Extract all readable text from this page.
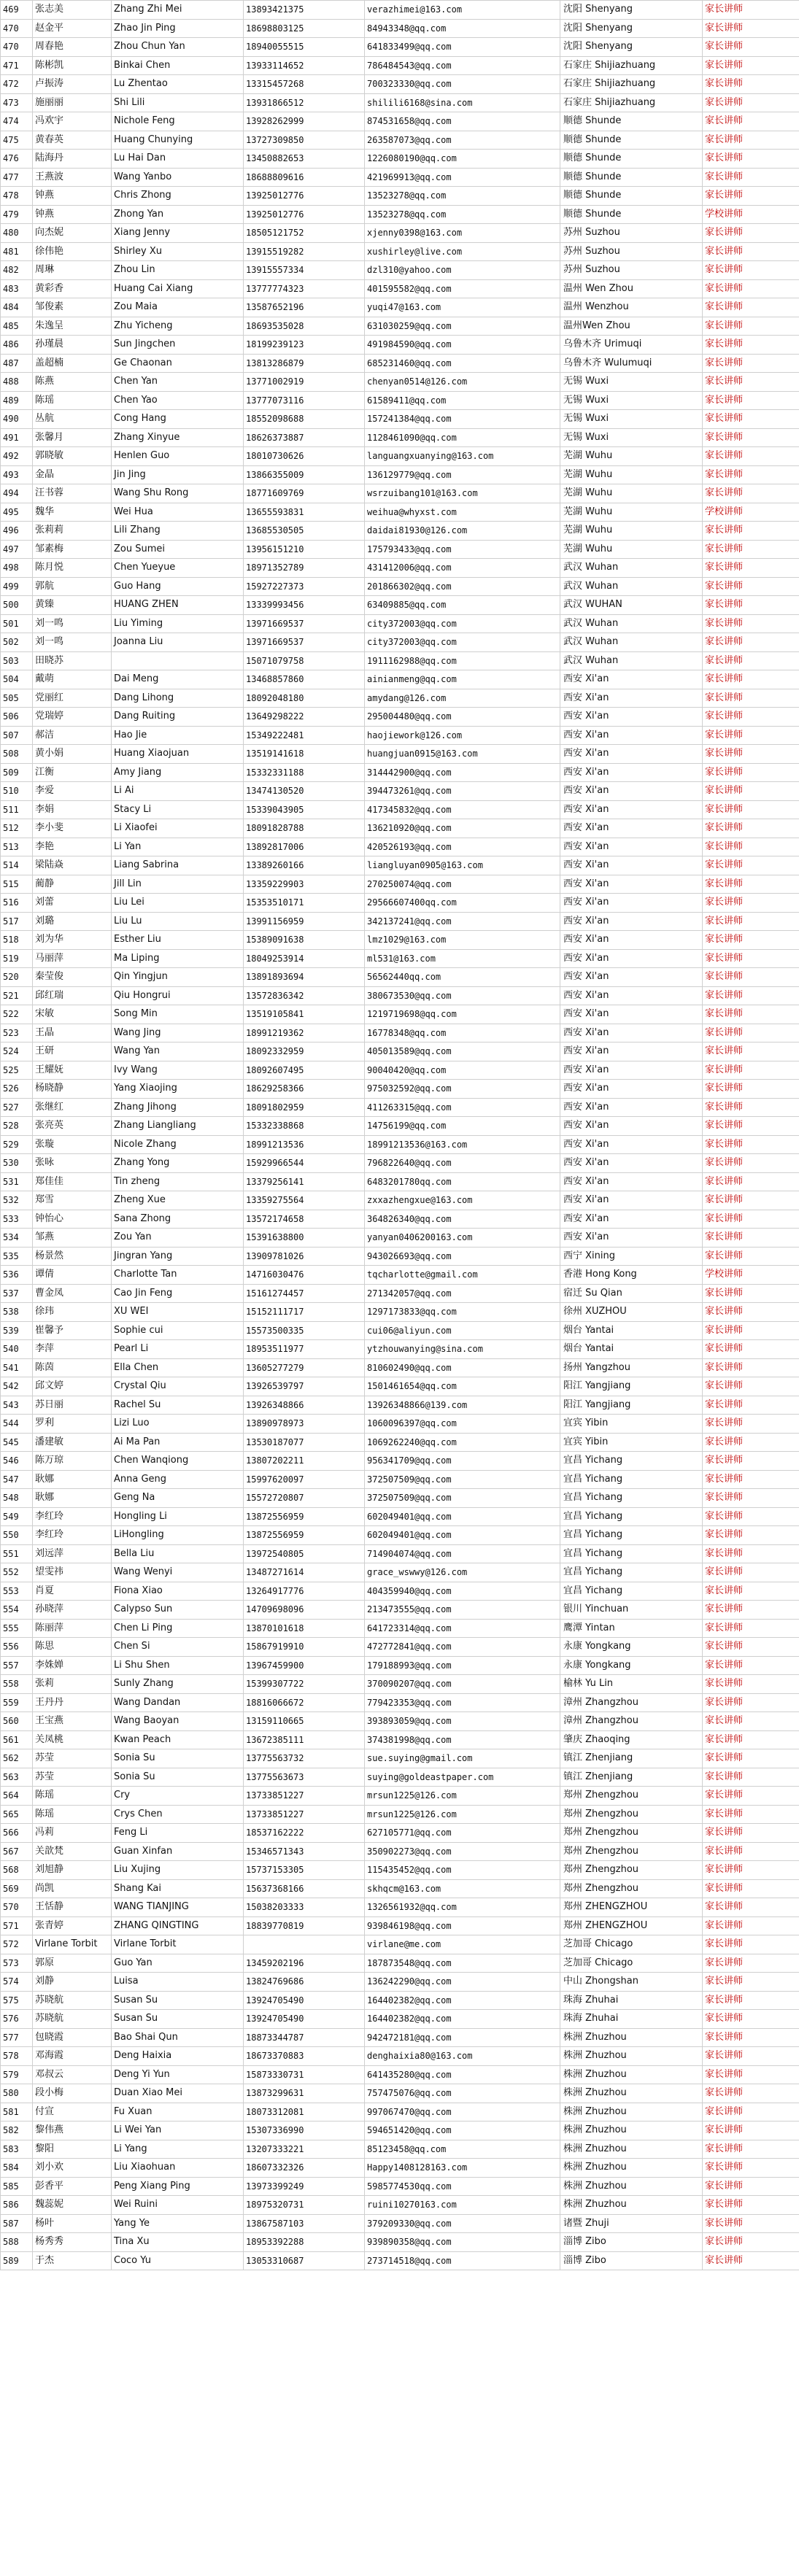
469	张志美	Zhang Zhi Mei	13893421375	verazhimei@163.com	沈阳 Shenyang	家长讲师
470	赵金平	Zhao Jin Ping	18698803125	84943348@qq.com	沈阳 Shenyang	家长讲师
470	周春艳	Zhou Chun Yan	18940055515	641833499@qq.com	沈阳 Shenyang	家长讲师
471	陈彬凯	Binkai Chen	13933114652	786484543@qq.com	石家庄 Shijiazhuang	家长讲师
472	卢振涛	Lu Zhentao	13315457268	700323330@qq.com	石家庄 Shijiazhuang	家长讲师
473	施丽丽	Shi Lili	13931866512	shilili6168@sina.com	石家庄 Shijiazhuang	家长讲师
474	冯欢宇	Nichole Feng	13928262999	874531658@qq.com	顺德 Shunde	家长讲师
475	黄春英	Huang Chunying	13727309850	263587073@qq.com	顺德 Shunde	家长讲师
476	陆海丹	Lu Hai Dan	13450882653	1226080190@qq.com	顺德 Shunde	家长讲师
477	王燕波	Wang Yanbo	18688809616	421969913@qq.com	顺德 Shunde	家长讲师
478	钟燕	Chris Zhong	13925012776	13523278@qq.com	顺德 Shunde	家长讲师
479	钟燕	Zhong Yan	13925012776	13523278@qq.com	顺德 Shunde	学校讲师
480	向杰妮	Xiang Jenny	18505121752	xjenny0398@163.com	苏州 Suzhou	家长讲师
481	徐伟艳	Shirley Xu	13915519282	xushirley@live.com	苏州 Suzhou	家长讲师
482	周琳	Zhou Lin	13915557334	dzl310@yahoo.com	苏州 Suzhou	家长讲师
483	黄彩香	Huang Cai Xiang	13777774323	401595582@qq.com	温州 Wen Zhou	家长讲师
484	邹俊素	Zou Maia	13587652196	yuqi47@163.com	温州 Wenzhou	家长讲师
485	朱逸呈	Zhu Yicheng	18693535028	631030259@qq.com	温州Wen Zhou	家长讲师
486	孙瑾晨	Sun Jingchen	18199239123	491984590@qq.com	乌鲁木齐 Urimuqi	家长讲师
487	盖超楠	Ge Chaonan	13813286879	685231460@qq.com	乌鲁木齐 Wulumuqi	家长讲师
488	陈燕	Chen Yan	13771002919	chenyan0514@126.com	无锡 Wuxi	家长讲师
489	陈瑶	Chen Yao	13777073116	61589411@qq.com	无锡 Wuxi	家长讲师
490	丛航	Cong Hang	18552098688	157241384@qq.com	无锡 Wuxi	家长讲师
491	张馨月	Zhang Xinyue	18626373887	1128461090@qq.com	无锡 Wuxi	家长讲师
492	郭晓敏	Henlen Guo	18010730626	languangxuanying@163.com	芜湖 Wuhu	家长讲师
493	金晶	Jin Jing	13866355009	136129779@qq.com	芜湖 Wuhu	家长讲师
494	汪书蓉	Wang Shu Rong	18771609769	wsrzuibang101@163.com	芜湖 Wuhu	家长讲师
495	魏华	Wei Hua	13655593831	weihua@whyxst.com	芜湖 Wuhu	学校讲师
496	张莉莉	Lili Zhang	13685530505	daidai81930@126.com	芜湖 Wuhu	家长讲师
497	邹素梅	Zou Sumei	13956151210	175793433@qq.com	芜湖 Wuhu	家长讲师
498	陈月悦	Chen Yueyue	18971352789	431412006@qq.com	武汉 Wuhan	家长讲师
499	郭航	Guo Hang	15927227373	201866302@qq.com	武汉 Wuhan	家长讲师
500	黄臻	HUANG ZHEN	13339993456	63409885@qq.com	武汉 WUHAN	家长讲师
501	刘一鸣	Liu Yiming	13971669537	city372003@qq.com	武汉 Wuhan	家长讲师
502	刘一鸣	Joanna Liu	13971669537	city372003@qq.com	武汉 Wuhan	家长讲师
503	田晓苏		15071079758	1911162988@qq.com	武汉 Wuhan	家长讲师
504	戴萌	Dai Meng	13468857860	ainianmeng@qq.com	西安 Xi'an	家长讲师
505	党丽红	Dang Lihong	18092048180	amydang@126.com	西安 Xi'an	家长讲师
506	党瑞婷	Dang Ruiting	13649298222	295004480@qq.com	西安 Xi'an	家长讲师
507	郝洁	Hao Jie	15349222481	haojiework@126.com	西安 Xi'an	家长讲师
508	黄小娟	Huang Xiaojuan	13519141618	huangjuan0915@163.com	西安 Xi'an	家长讲师
509	江衡	Amy Jiang	15332331188	314442900@qq.com	西安 Xi'an	家长讲师
510	李爱	Li Ai	13474130520	394473261@qq.com	西安 Xi'an	家长讲师
511	李娟	Stacy Li	15339043905	417345832@qq.com	西安 Xi'an	家长讲师
512	李小斐	Li Xiaofei	18091828788	136210920@qq.com	西安 Xi'an	家长讲师
513	李艳	Li Yan	13892817006	420526193@qq.com	西安 Xi'an	家长讲师
514	梁陆焱	Liang Sabrina	13389260166	liangluyan0905@163.com	西安 Xi'an	家长讲师
515	蔺静	Jill Lin	13359229903	270250074@qq.com	西安 Xi'an	家长讲师
516	刘蕾	Liu Lei	15353510171	29566607400qq.com	西安 Xi'an	家长讲师
517	刘璐	Liu Lu	13991156959	342137241@qq.com	西安 Xi'an	家长讲师
518	刘为华	Esther Liu	15389091638	lmz1029@163.com	西安 Xi'an	家长讲师
519	马丽萍	Ma Liping	18049253914	ml531@163.com	西安 Xi'an	家长讲师
520	秦莹俊	Qin Yingjun	13891893694	56562440qq.com	西安 Xi'an	家长讲师
521	邱红瑞	Qiu Hongrui	13572836342	380673530@qq.com	西安 Xi'an	家长讲师
522	宋敏	Song Min	13519105841	1219719698@qq.com	西安 Xi'an	家长讲师
523	王晶	Wang Jing	18991219362	16778348@qq.com	西安 Xi'an	家长讲师
524	王研	Wang Yan	18092332959	405013589@qq.com	西安 Xi'an	家长讲师
525	王耀妩	Ivy Wang	18092607495	90040420@qq.com	西安 Xi'an	家长讲师
526	杨晓静	Yang Xiaojing	18629258366	975032592@qq.com	西安 Xi'an	家长讲师
527	张继红	Zhang Jihong	18091802959	411263315@qq.com	西安 Xi'an	家长讲师
528	张亮英	Zhang Liangliang	15332338868	14756199@qq.com	西安 Xi'an	家长讲师
529	张璇	Nicole Zhang	18991213536	18991213536@163.com	西安 Xi'an	家长讲师
530	张咏	Zhang Yong	15929966544	796822640@qq.com	西安 Xi'an	家长讲师
531	郑佳佳	Tin zheng	13379256141	6483201780qq.com	西安 Xi'an	家长讲师
532	郑雪	Zheng Xue	13359275564	zxxazhengxue@163.com	西安 Xi'an	家长讲师
533	钟怡心	Sana Zhong	13572174658	364826340@qq.com	西安 Xi'an	家长讲师
534	邹燕	Zou Yan	15391638800	yanyan0406200163.com	西安 Xi'an	家长讲师
535	杨景然	Jingran Yang	13909781026	943026693@qq.com	西宁 Xining	家长讲师
536	谭倩	Charlotte Tan	14716030476	tqcharlotte@gmail.com	香港 Hong Kong	学校讲师
537	曹金凤	Cao Jin Feng	15161274457	271342057@qq.com	宿迁 Su Qian	家长讲师
538	徐玮	XU WEI	15152111717	1297173833@qq.com	徐州 XUZHOU	家长讲师
539	崔馨予	Sophie cui	15573500335	cui06@aliyun.com	烟台 Yantai	家长讲师
540	李萍	Pearl Li	18953511977	ytzhouwanying@sina.com	烟台 Yantai	家长讲师
541	陈茵	Ella Chen	13605277279	810602490@qq.com	扬州 Yangzhou	家长讲师
542	邱文婷	Crystal Qiu	13926539797	1501461654@qq.com	阳江 Yangjiang	家长讲师
543	苏日丽	Rachel Su	13926348866	13926348866@139.com	阳江 Yangjiang	家长讲师
544	罗利	Lizi Luo	13890978973	1060096397@qq.com	宜宾 Yibin	家长讲师
545	潘建敏	Ai Ma Pan	13530187077	1069262240@qq.com	宜宾 Yibin	家长讲师
546	陈万琼	Chen Wanqiong	13807202211	956341709@qq.com	宜昌 Yichang	家长讲师
547	耿娜	Anna Geng	15997620097	372507509@qq.com	宜昌 Yichang	家长讲师
548	耿娜	Geng Na	15572720807	372507509@qq.com	宜昌 Yichang	家长讲师
549	李红玲	Hongling Li	13872556959	602049401@qq.com	宜昌 Yichang	家长讲师
550	李红玲	LiHongling	13872556959	602049401@qq.com	宜昌 Yichang	家长讲师
551	刘远萍	Bella Liu	13972540805	714904074@qq.com	宜昌 Yichang	家长讲师
552	望雯祎	Wang Wenyi	13487271614	grace_wswwy@126.com	宜昌 Yichang	家长讲师
553	肖夏	Fiona Xiao	13264917776	404359940@qq.com	宜昌 Yichang	家长讲师
554	孙晓萍	Calypso Sun	14709698096	213473555@qq.com	银川 Yinchuan	家长讲师
555	陈丽萍	Chen Li Ping	13870101618	641723314@qq.com	鹰潭 Yintan	家长讲师
556	陈思	Chen Si	15867919910	472772841@qq.com	永康 Yongkang	家长讲师
557	李姝婵	Li Shu Shen	13967459900	179188993@qq.com	永康 Yongkang	家长讲师
558	张莉	Sunly Zhang	15399307722	370090207@qq.com	榆林 Yu Lin	家长讲师
559	王丹丹	Wang Dandan	18816066672	779423353@qq.com	漳州 Zhangzhou	家长讲师
560	王宝燕	Wang Baoyan	13159110665	393893059@qq.com	漳州 Zhangzhou	家长讲师
561	关凤桃	Kwan Peach	13672385111	374381998@qq.com	肇庆 Zhaoqing	家长讲师
562	苏莹	Sonia Su	13775563732	sue.suying@gmail.com	镇江 Zhenjiang	家长讲师
563	苏莹	Sonia Su	13775563673	suying@goldeastpaper.com	镇江 Zhenjiang	家长讲师
564	陈瑶	Cry	13733851227	mrsun1225@126.com	郑州 Zhengzhou	家长讲师
565	陈瑶	Crys Chen	13733851227	mrsun1225@126.com	郑州 Zhengzhou	家长讲师
566	冯莉	Feng Li	18537162222	627105771@qq.com	郑州 Zhengzhou	家长讲师
567	关歆梵	Guan Xinfan	15346571343	350902273@qq.com	郑州 Zhengzhou	家长讲师
568	刘旭静	Liu Xujing	15737153305	115435452@qq.com	郑州 Zhengzhou	家长讲师
569	尚凯	Shang Kai	15637368166	skhqcm@163.com	郑州 Zhengzhou	家长讲师
570	王恬静	WANG TIANJING	15038203333	1326561932@qq.com	郑州 ZHENGZHOU	家长讲师
571	张青婷	ZHANG QINGTING	18839770819	939846198@qq.com	郑州 ZHENGZHOU	家长讲师
572	Virlane Torbit	Virlane Torbit		virlane@me.com	芝加哥 Chicago	家长讲师
573	郭原	Guo Yan	13459202196	187873548@qq.com	芝加哥 Chicago	家长讲师
574	刘静	Luisa	13824769686	136242290@qq.com	中山 Zhongshan	家长讲师
575	苏晓航	Susan Su	13924705490	164402382@qq.com	珠海 Zhuhai	家长讲师
576	苏晓航	Susan Su	13924705490	164402382@qq.com	珠海 Zhuhai	家长讲师
577	包晓霞	Bao Shai Qun	18873344787	942472181@qq.com	株洲 Zhuzhou	家长讲师
578	邓海霞	Deng Haixia	18673370883	denghaixia80@163.com	株洲 Zhuzhou	家长讲师
579	邓叔云	Deng Yi Yun	15873330731	641435280@qq.com	株洲 Zhuzhou	家长讲师
580	段小梅	Duan Xiao Mei	13873299631	757475076@qq.com	株洲 Zhuzhou	家长讲师
581	付宣	Fu Xuan	18073312081	997067470@qq.com	株洲 Zhuzhou	家长讲师
582	黎伟燕	Li Wei Yan	15307336990	594651420@qq.com	株洲 Zhuzhou	家长讲师
583	黎阳	Li Yang	13207333221	85123458@qq.com	株洲 Zhuzhou	家长讲师
584	刘小欢	Liu Xiaohuan	18607332326	Happy1408128163.com	株洲 Zhuzhou	家长讲师
585	彭香平	Peng Xiang Ping	13973399249	5985774530qq.com	株洲 Zhuzhou	家长讲师
586	魏蕊妮	Wei Ruini	18975320731	ruini10270163.com	株洲 Zhuzhou	家长讲师
587	杨叶	Yang Ye	13867587103	379209330@qq.com	诸暨 Zhuji	家长讲师
588	杨秀秀	Tina Xu	18953392288	939890358@qq.com	淄博 Zibo	家长讲师
589	于杰	Coco Yu	13053310687	273714518@qq.com	淄博 Zibo	家长讲师
